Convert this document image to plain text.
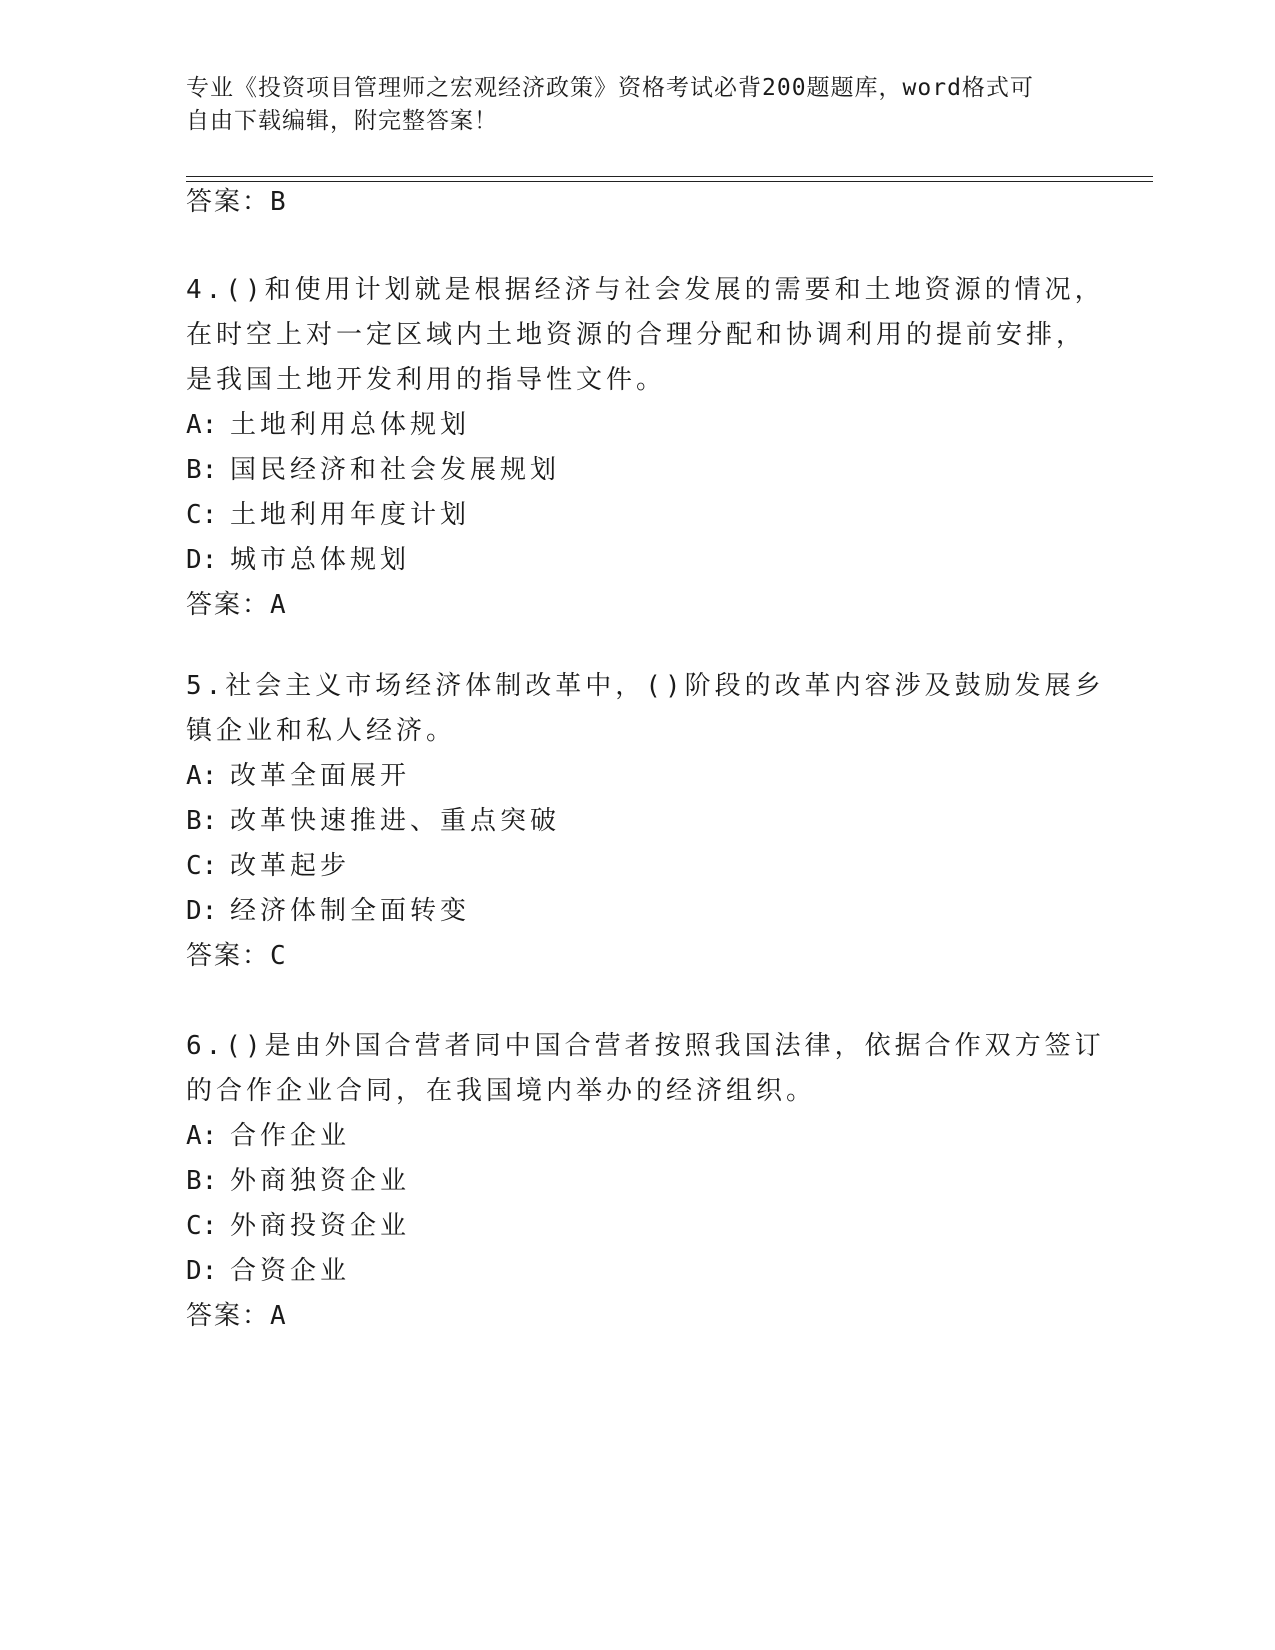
专业《投资项目管理师之宏观经济政策》资格考试必背200题题库，word格式可
自由下载编辑，附完整答案！
答案：B
4.()和使用计划就是根据经济与社会发展的需要和土地资源的情况，
在时空上对一定区域内土地资源的合理分配和协调利用的提前安排，
是我国土地开发利用的指导性文件。
A: 土地利用总体规划
B: 国民经济和社会发展规划
C: 土地利用年度计划
D: 城市总体规划
答案：A
5.社会主义市场经济体制改革中，()阶段的改革内容涉及鼓励发展乡
镇企业和私人经济。
A: 改革全面展开
B: 改革快速推进、重点突破
C: 改革起步
D: 经济体制全面转变
答案：C
6.()是由外国合营者同中国合营者按照我国法律，依据合作双方签订
的合作企业合同，在我国境内举办的经济组织。
A: 合作企业
B: 外商独资企业
C: 外商投资企业
D: 合资企业
答案：A
